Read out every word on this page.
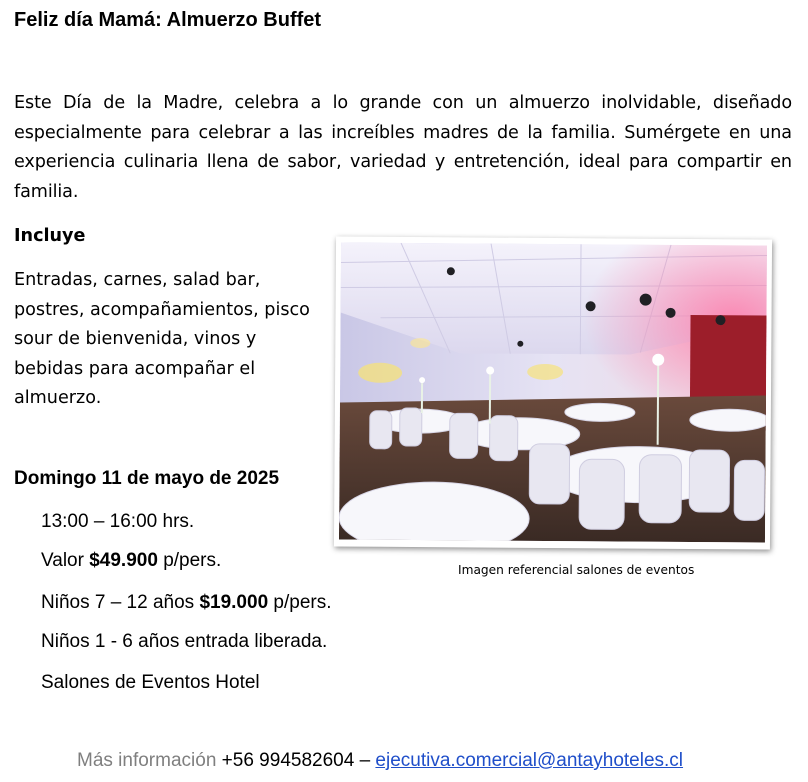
Feliz día Mamá: Almuerzo Buffet

Este Día de la Madre, celebra a lo grande con un almuerzo inolvidable, diseñado especialmente para celebrar a las increíbles madres de la familia. Sumérgete en una experiencia culinaria llena de sabor, variedad y entretención, ideal para compartir en familia.

Incluye

Entradas, carnes, salad bar, postres, acompañamientos, pisco sour de bienvenida, vinos y bebidas para acompañar el almuerzo.

Domingo 11 de mayo de 2025

13:00 – 16:00 hrs.

Valor $49.900 p/pers.

Niños 7 – 12 años $19.000 p/pers.

Niños 1 - 6 años entrada liberada.

Salones de Eventos Hotel

Imagen referencial salones de eventos
Más información +56 994582604 – ejecutiva.comercial@antayhoteles.cl
